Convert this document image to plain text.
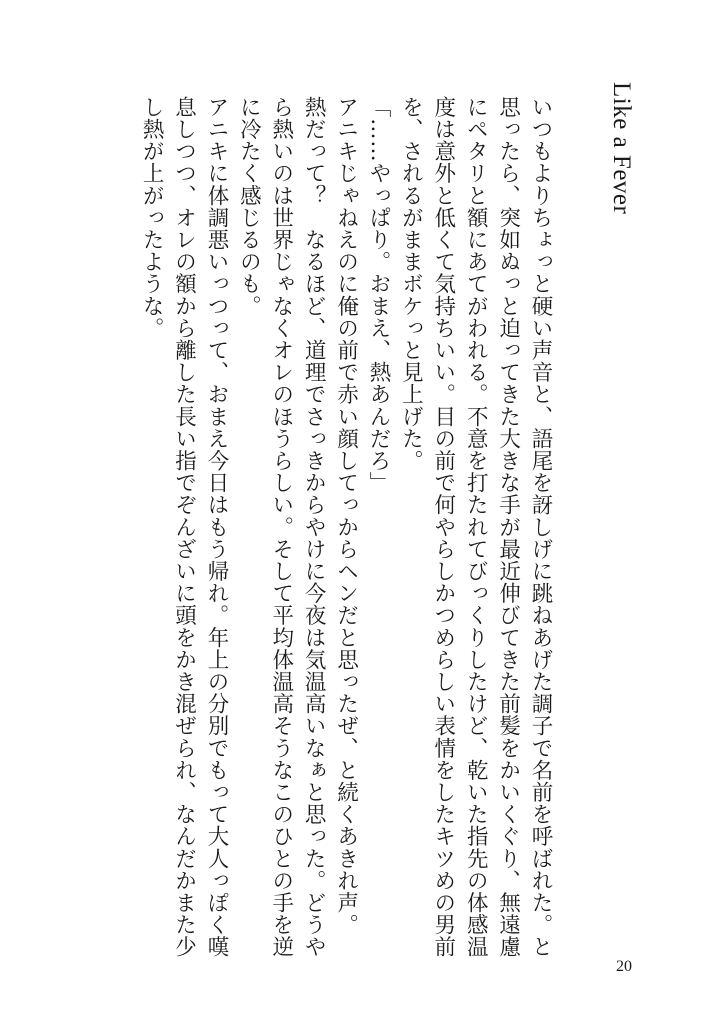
Like a Fever

いつもよりちょっと硬い声音と、語尾を訝しげに跳ねあげた調子で名前を呼ばれた。と思ったら、突如ぬっと迫ってきた大きな手が最近伸びてきた前髪をかいくぐり、無遠慮にペタリと額にあてがわれる。不意を打たれてびっくりしたけど、乾いた指先の体感温度は意外と低くて気持ちいい。目の前で何やらしかつめらしい表情をしたキツめの男前を、されるがままボケっと見上げた。

「……やっぱり。おまえ、熱あんだろ」

アニキじゃねえのに俺の前で赤い顔してっからヘンだと思ったぜ、と続くあきれ声。

熱だって？　なるほど、道理でさっきからやけに今夜は気温高いなぁと思った。どうやら熱いのは世界じゃなくオレのほうらしい。そして平均体温高そうなこのひとの手を逆に冷たく感じるのも。

アニキに体調悪いっつって、おまえ今日はもう帰れ。年上の分別でもって大人っぽく嘆息しつつ、オレの額から離した長い指でぞんざいに頭をかき混ぜられ、なんだかまた少し熱が上がったような。

20
